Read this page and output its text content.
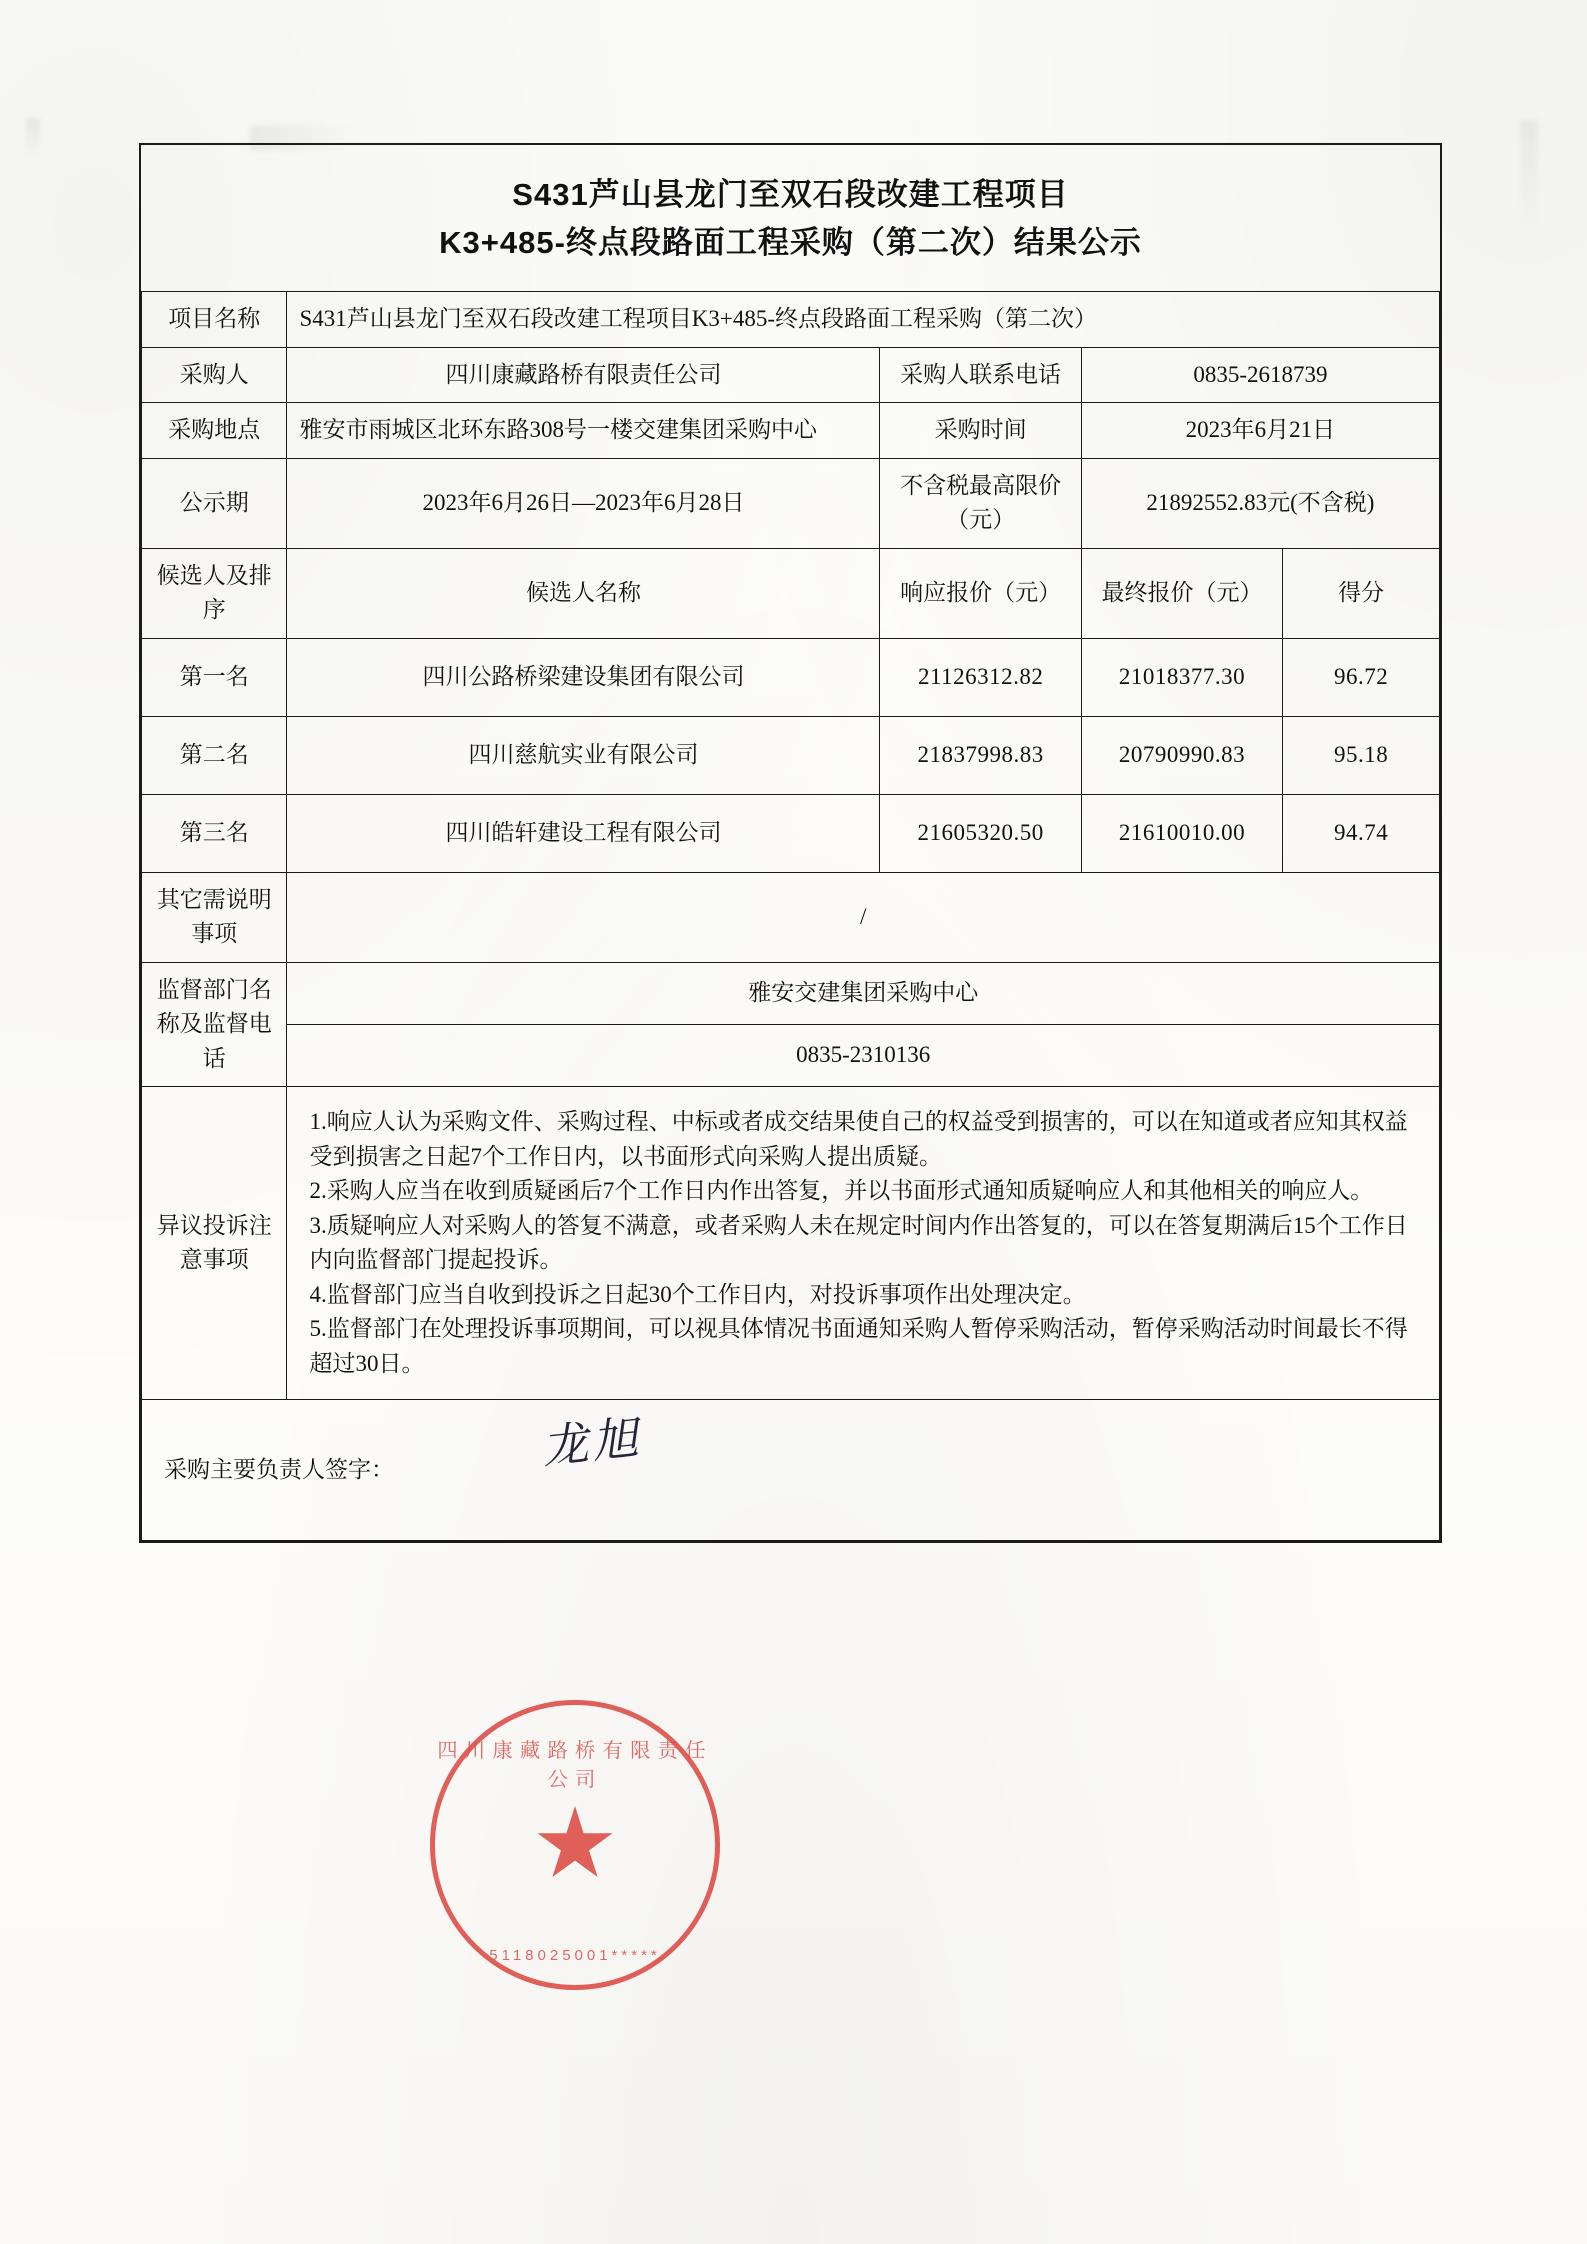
S431芦山县龙门至双石段改建工程项目
K3+485-终点段路面工程采购（第二次）结果公示				

项目名称	S431芦山县龙门至双石段改建工程项目K3+485-终点段路面工程采购（第二次）			
采购人	四川康藏路桥有限责任公司	采购人联系电话	0835-2618739	
采购地点	雅安市雨城区北环东路308号一楼交建集团采购中心	采购时间	2023年6月21日	
公示期	2023年6月26日—2023年6月28日	不含税最高限价（元）	21892552.83元(不含税)	
候选人及排序	候选人名称	响应报价（元）	最终报价（元）	得分
第一名	四川公路桥梁建设集团有限公司	21126312.82	21018377.30	96.72
第二名	四川慈航实业有限公司	21837998.83	20790990.83	95.18
第三名	四川皓轩建设工程有限公司	21605320.50	21610010.00	94.74
其它需说明事项	/			
监督部门名称及监督电话	雅安交建集团采购中心			
	0835-2310136			
异议投诉注意事项	1.响应人认为采购文件、采购过程、中标或者成交结果使自己的权益受到损害的，可以在知道或者应知其权益受到损害之日起7个工作日内，以书面形式向采购人提出质疑。

2.采购人应当在收到质疑函后7个工作日内作出答复，并以书面形式通知质疑响应人和其他相关的响应人。

3.质疑响应人对采购人的答复不满意，或者采购人未在规定时间内作出答复的，可以在答复期满后15个工作日内向监督部门提起投诉。

4.监督部门应当自收到投诉之日起30个工作日内，对投诉事项作出处理决定。

5.监督部门在处理投诉事项期间，可以视具体情况书面通知采购人暂停采购活动，暂停采购活动时间最长不得超过30日。			

采购主要负责人签字： 龙旭				
四川康藏路桥有限责任公司
5118025001*****
